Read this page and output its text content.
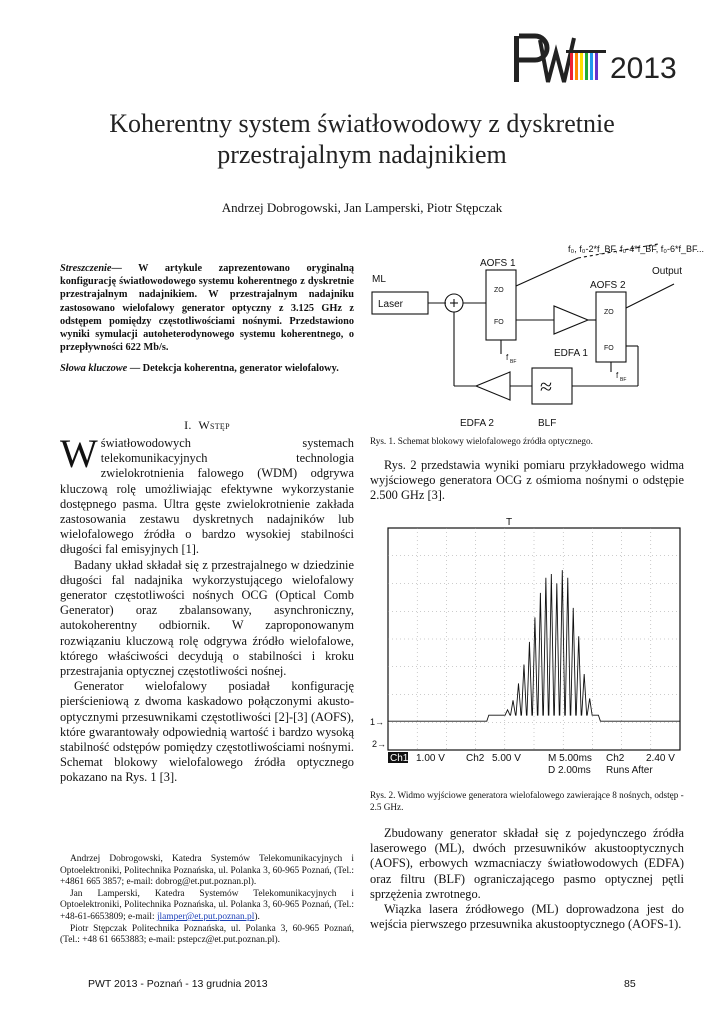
2013
Koherentny system światłowodowy z dyskretnie przestrajalnym nadajnikiem
Andrzej Dobrogowski, Jan Lamperski, Piotr Stępczak
Streszczenie— W artykule zaprezentowano oryginalną konfigurację światłowodowego systemu koherentnego z dyskretnie przestrajalnym nadajnikiem. W przestrajalnym nadajniku zastosowano wielofalowy generator optyczny z 3.125 GHz z odstępem pomiędzy częstotliwościami nośnymi. Przedstawiono wyniki symulacji autoheterodynowego systemu koherentnego, o przepływności 622 Mb/s.
Słowa kluczowe — Detekcja koherentna, generator wielofalowy.
I. Wstęp

Wświatłowodowych systemach telekomunikacyjnych technologia zwielokrotnienia falowego (WDM) odgrywa kluczową rolę umożliwiając efektywne wykorzystanie dostępnego pasma. Ultra gęste zwielokrotnienie zakłada zastosowania zestawu dyskretnych nadajników lub wielofalowego źródła o bardzo wysokiej stabilności długości fal emisyjnych [1].

Badany układ składał się z przestrajalnego w dziedzinie długości fal nadajnika wykorzystującego wielofalowy generator częstotliwości nośnych OCG (Optical Comb Generator) oraz zbalansowany, asynchroniczny, autokoherentny odbiornik. W zaproponowanym rozwiązaniu kluczową rolę odgrywa źródło wielofalowe, którego właściwości decydują o stabilności i kroku przestrajania optycznej częstotliwości nośnej.

Generator wielofalowy posiadał konfigurację pierścieniową z dwoma kaskadowo połączonymi akusto-optycznymi przesuwnikami częstotliwości [2]-[3] (AOFS), które gwarantowały odpowiednią wartość i bardzo wysoką stabilność odstępów pomiędzy częstotliwościami nośnymi. Schemat blokowy wielofalowego źródła optycznego pokazano na Rys. 1 [3].

Andrzej Dobrogowski, Katedra Systemów Telekomunikacyjnych i Optoelektroniki, Politechnika Poznańska, ul. Polanka 3, 60-965 Poznań, (Tel.: +4861 665 3857; e-mail: dobrog@et.put.poznan.pl).

Jan Lamperski, Katedra Systemów Telekomunikacyjnych i Optoelektroniki, Politechnika Poznańska, ul. Polanka 3, 60-965 Poznań, (Tel.: +48-61-6653809; e-mail: jlamper@et.put.poznan.pl).

Piotr Stępczak Politechnika Poznańska, ul. Polanka 3, 60-965 Poznań, (Tel.: +48 61 6653883; e-mail: pstepcz@et.put.poznan.pl).

ML
Laser
AOFS 1
AOFS 2
ZO
FO
ZO
FO
EDFA 1
EDFA 2	BLF
Output
f₀, f₀-2*f_BF, f₀-4*f_BF, f₀-6*f_BF...
f BF
f BF
≈
Rys. 1. Schemat blokowy wielofalowego źródła optycznego.

Rys. 2 przedstawia wyniki pomiaru przykładowego widma wyjściowego generatora OCG z ośmioma nośnymi o odstępie 2.500 GHz [3].

T
1→
2→
Ch1 1.00 V Ch2 5.00 V	M 5.00ms Ch2 2.40 V
D 2.00ms Runs After
Rys. 2. Widmo wyjściowe generatora wielofalowego zawierające 8 nośnych, odstęp - 2.5 GHz.

Zbudowany generator składał się z pojedynczego źródła laserowego (ML), dwóch przesuwników akustooptycznych (AOFS), erbowych wzmacniaczy światłowodowych (EDFA) oraz filtru (BLF) ograniczającego pasmo optycznej pętli sprzężenia zwrotnego.

Wiązka lasera źródłowego (ML) doprowadzona jest do wejścia pierwszego przesuwnika akustooptycznego (AOFS-1).

PWT 2013 - Poznań - 13 grudnia 2013	85
